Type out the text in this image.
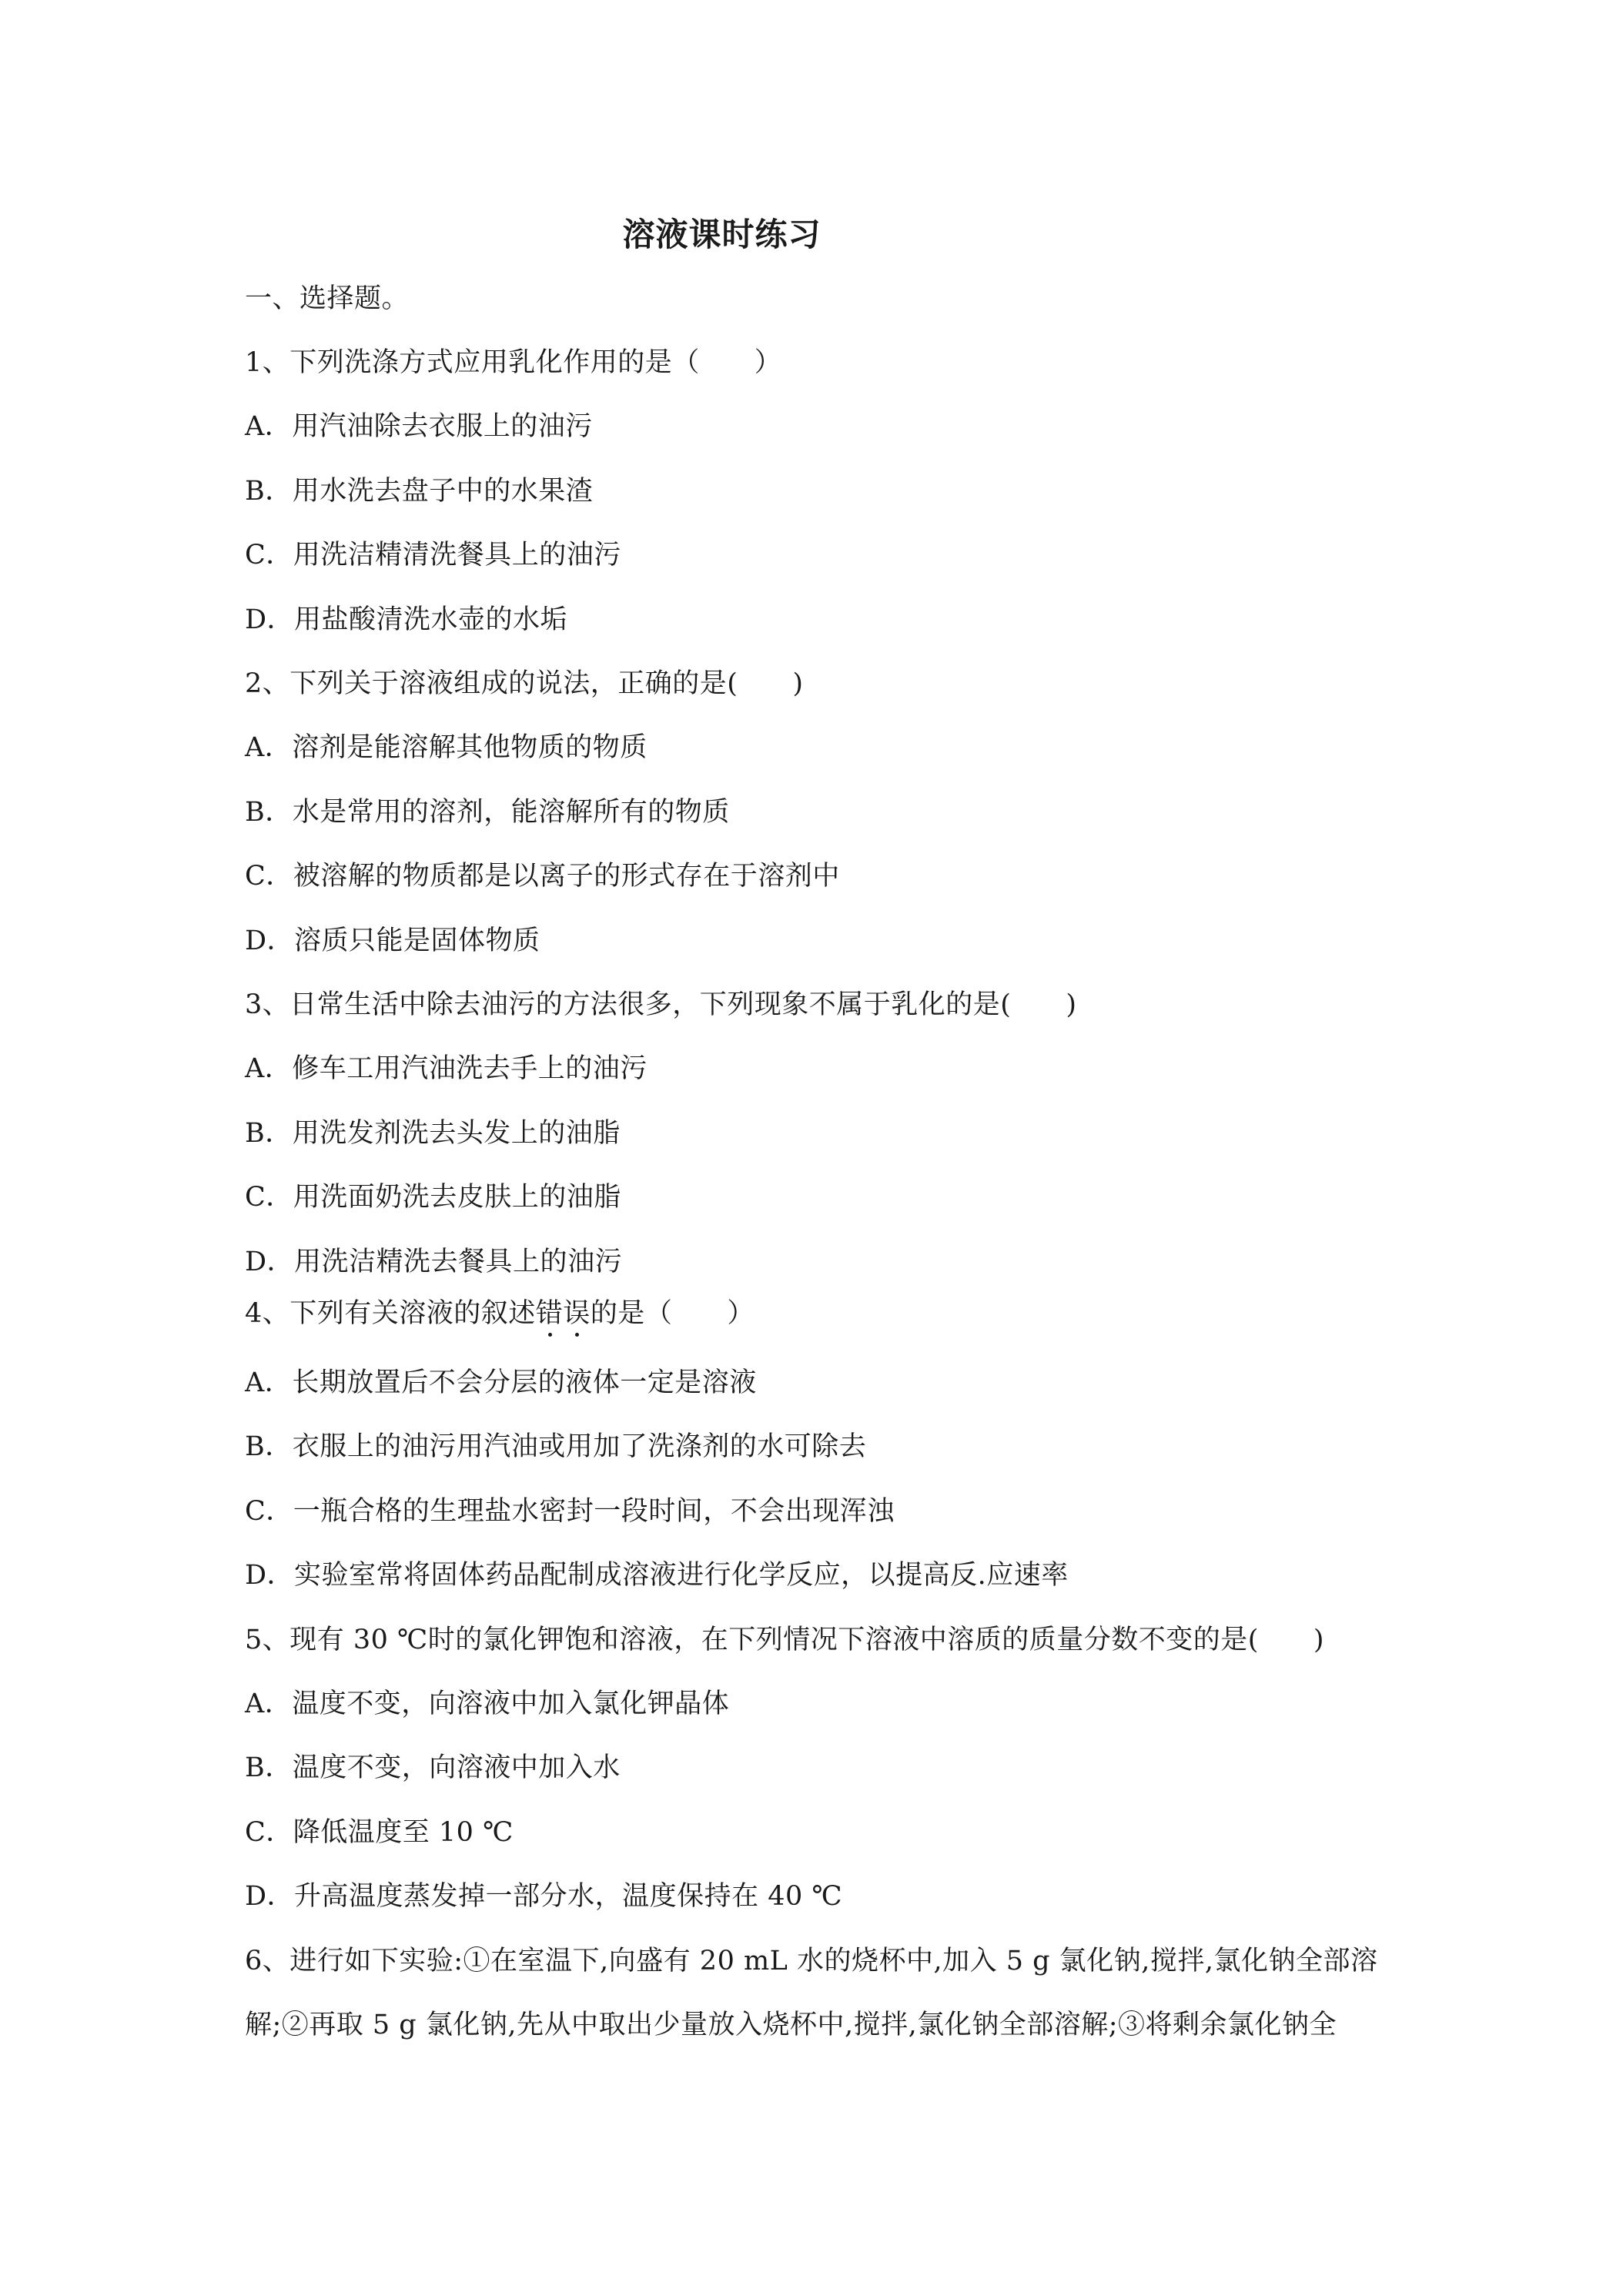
溶液课时练习
一、选择题。
1、下列洗涤方式应用乳化作用的是（　　）
A．用汽油除去衣服上的油污
B．用水洗去盘子中的水果渣
C．用洗洁精清洗餐具上的油污
D．用盐酸清洗水壶的水垢
2、下列关于溶液组成的说法，正确的是(　　)
A．溶剂是能溶解其他物质的物质
B．水是常用的溶剂，能溶解所有的物质
C．被溶解的物质都是以离子的形式存在于溶剂中
D．溶质只能是固体物质
3、日常生活中除去油污的方法很多，下列现象不属于乳化的是(　　)
A．修车工用汽油洗去手上的油污
B．用洗发剂洗去头发上的油脂
C．用洗面奶洗去皮肤上的油脂
D．用洗洁精洗去餐具上的油污
4、下列有关溶液的叙述错
误
的是（　　）
A．长期放置后不会分层的液体一定是溶液
B．衣服上的油污用汽油或用加了洗涤剂的水可除去
C．一瓶合格的生理盐水密封一段时间，不会出现浑浊
D．实验室常将固体药品配制成溶液进行化学反应，以提高反.应速率
5、现有 30 ℃时的氯化钾饱和溶液，在下列情况下溶液中溶质的质量分数不变的是(　　)
A．温度不变，向溶液中加入氯化钾晶体
B．温度不变，向溶液中加入水
C．降低温度至 10 ℃
D．升高温度蒸发掉一部分水，温度保持在 40 ℃
6、进行如下实验:①在室温下,向盛有 20 mL 水的烧杯中,加入 5 g 氯化钠,搅拌,氯化钠全部溶
解;②再取 5 g 氯化钠,先从中取出少量放入烧杯中,搅拌,氯化钠全部溶解;③将剩余氯化钠全
